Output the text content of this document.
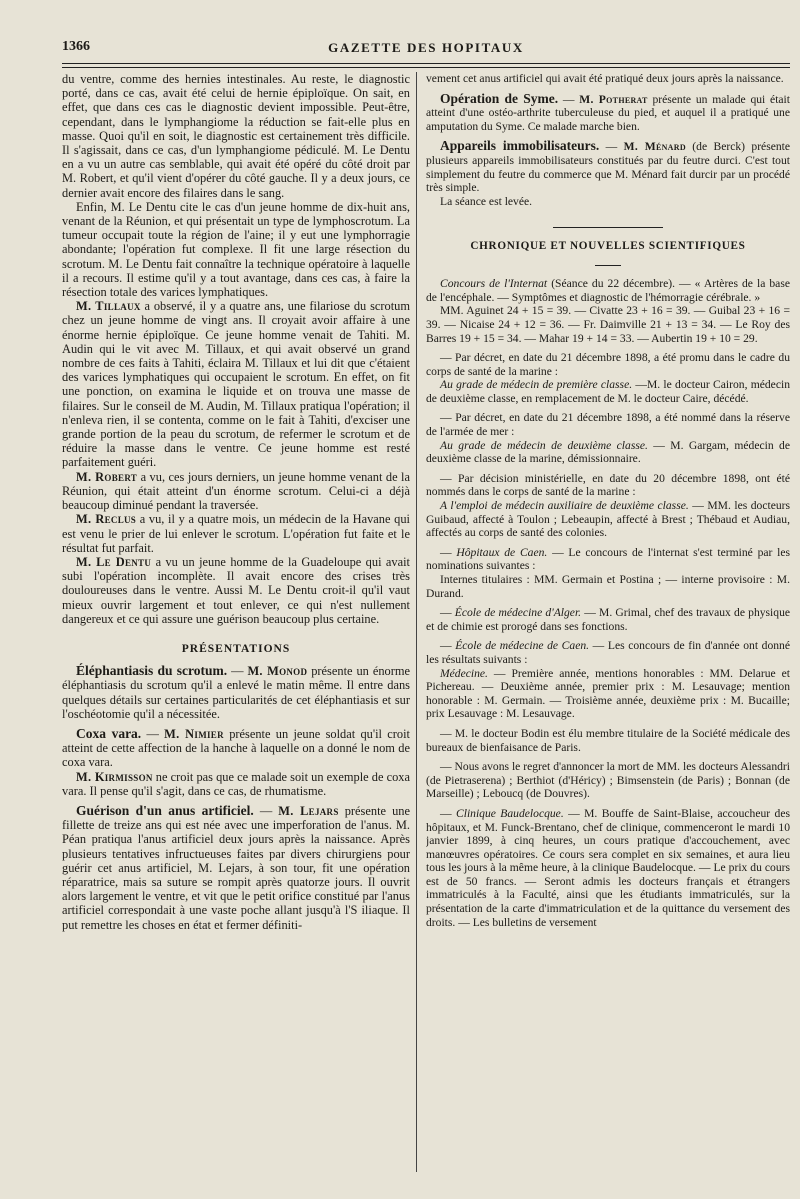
1366	GAZETTE DES HOPITAUX

du ventre, comme des hernies intestinales. Au reste, le diagnostic porté, dans ce cas, avait été celui de hernie épiploïque. On sait, en effet, que dans ces cas le diagnostic devient impossible. Peut-être, cependant, dans le lymphangiome la réduction se fait-elle plus en masse. Quoi qu'il en soit, le diagnostic est certainement très difficile. Il s'agissait, dans ce cas, d'un lymphangiome pédiculé. M. Le Dentu en a vu un autre cas semblable, qui avait été opéré du côté droit par M. Robert, et qu'il vient d'opérer du côté gauche. Il y a deux jours, ce dernier avait encore des filaires dans le sang.

Enfin, M. Le Dentu cite le cas d'un jeune homme de dix-huit ans, venant de la Réunion, et qui présentait un type de lymphoscrotum. La tumeur occupait toute la région de l'aine; il y eut une lymphorragie abondante; l'opération fut complexe. Il fit une large résection du scrotum. M. Le Dentu fait connaître la technique opératoire à laquelle il a recours. Il estime qu'il y a tout avantage, dans ces cas, à faire la résection totale des varices lymphatiques.

M. Tillaux a observé, il y a quatre ans, une filariose du scrotum chez un jeune homme de vingt ans. Il croyait avoir affaire à une énorme hernie épiploïque. Ce jeune homme venait de Tahiti. M. Audin qui le vit avec M. Tillaux, et qui avait observé un grand nombre de ces faits à Tahiti, éclaira M. Tillaux et lui dit que c'étaient des varices lymphatiques qui occupaient le scrotum. En effet, on fit une ponction, on examina le liquide et on trouva une masse de filaires. Sur le conseil de M. Audin, M. Tillaux pratiqua l'opération; il n'enleva rien, il se contenta, comme on le fait à Tahiti, d'exciser une grande portion de la peau du scrotum, de refermer le scrotum et de réduire la masse dans le ventre. Ce jeune homme est resté parfaitement guéri.

M. Robert a vu, ces jours derniers, un jeune homme venant de la Réunion, qui était atteint d'un énorme scrotum. Celui-ci a déjà beaucoup diminué pendant la traversée.

M. Reclus a vu, il y a quatre mois, un médecin de la Havane qui est venu le prier de lui enlever le scrotum. L'opération fut faite et le résultat fut parfait.

M. Le Dentu a vu un jeune homme de la Guadeloupe qui avait subi l'opération incomplète. Il avait encore des crises très douloureuses dans le ventre. Aussi M. Le Dentu croit-il qu'il vaut mieux ouvrir largement et tout enlever, ce qui n'est nullement dangereux et ce qui assure une guérison beaucoup plus certaine.

PRÉSENTATIONS

Éléphantiasis du scrotum. — M. Monod présente un énorme éléphantiasis du scrotum qu'il a enlevé le matin même. Il entre dans quelques détails sur certaines particularités de cet éléphantiasis et sur l'oschéotomie qu'il a nécessitée.

Coxa vara. — M. Nimier présente un jeune soldat qu'il croit atteint de cette affection de la hanche à laquelle on a donné le nom de coxa vara.

M. Kirmisson ne croit pas que ce malade soit un exemple de coxa vara. Il pense qu'il s'agit, dans ce cas, de rhumatisme.

Guérison d'un anus artificiel. — M. Lejars présente une fillette de treize ans qui est née avec une imperforation de l'anus. M. Péan pratiqua l'anus artificiel deux jours après la naissance. Après plusieurs tentatives infructueuses faites par divers chirurgiens pour guérir cet anus artificiel, M. Lejars, à son tour, fit une opération réparatrice, mais sa suture se rompit après quatorze jours. Il ouvrit alors largement le ventre, et vit que le petit orifice constitué par l'anus artificiel correspondait à une vaste poche allant jusqu'à l'S iliaque. Il put remettre les choses en état et fermer définiti-

vement cet anus artificiel qui avait été pratiqué deux jours après la naissance.

Opération de Syme. — M. Potherat présente un malade qui était atteint d'une ostéo-arthrite tuberculeuse du pied, et auquel il a pratiqué une amputation du Syme. Ce malade marche bien.

Appareils immobilisateurs. — M. Ménard (de Berck) présente plusieurs appareils immobilisateurs constitués par du feutre durci. C'est tout simplement du feutre du commerce que M. Ménard fait durcir par un procédé très simple.

La séance est levée.

CHRONIQUE ET NOUVELLES SCIENTIFIQUES

Concours de l'Internat (Séance du 22 décembre). — « Artères de la base de l'encéphale. — Symptômes et diagnostic de l'hémorragie cérébrale. »

MM. Aguinet 24 + 15 = 39. — Civatte 23 + 16 = 39. — Guibal 23 + 16 = 39. — Nicaise 24 + 12 = 36. — Fr. Daimville 21 + 13 = 34. — Le Roy des Barres 19 + 15 = 34. — Mahar 19 + 14 = 33. — Aubertin 19 + 10 = 29.

— Par décret, en date du 21 décembre 1898, a été promu dans le cadre du corps de santé de la marine :

Au grade de médecin de première classe. —M. le docteur Cairon, médecin de deuxième classe, en remplacement de M. le docteur Caire, décédé.

— Par décret, en date du 21 décembre 1898, a été nommé dans la réserve de l'armée de mer :

Au grade de médecin de deuxième classe. — M. Gargam, médecin de deuxième classe de la marine, démissionnaire.

— Par décision ministérielle, en date du 20 décembre 1898, ont été nommés dans le corps de santé de la marine :

A l'emploi de médecin auxiliaire de deuxième classe. — MM. les docteurs Guibaud, affecté à Toulon ; Lebeaupin, affecté à Brest ; Thébaud et Audiau, affectés au corps de santé des colonies.

— Hôpitaux de Caen. — Le concours de l'internat s'est terminé par les nominations suivantes :

Internes titulaires : MM. Germain et Postina ; — interne provisoire : M. Durand.

— École de médecine d'Alger. — M. Grimal, chef des travaux de physique et de chimie est prorogé dans ses fonctions.

— École de médecine de Caen. — Les concours de fin d'année ont donné les résultats suivants :

Médecine. — Première année, mentions honorables : MM. Delarue et Pichereau. — Deuxième année, premier prix : M. Lesauvage; mention honorable : M. Germain. — Troisième année, deuxième prix : M. Bucaille; prix Lesauvage : M. Lesauvage.

— M. le docteur Bodin est élu membre titulaire de la Société médicale des bureaux de bienfaisance de Paris.

— Nous avons le regret d'annoncer la mort de MM. les docteurs Alessandri (de Pietraserena) ; Berthiot (d'Héricy) ; Bimsenstein (de Paris) ; Bonnan (de Marseille) ; Leboucq (de Douvres).

— Clinique Baudelocque. — M. Bouffe de Saint-Blaise, accoucheur des hôpitaux, et M. Funck-Brentano, chef de clinique, commenceront le mardi 10 janvier 1899, à cinq heures, un cours pratique d'accouchement, avec manœuvres opératoires. Ce cours sera complet en six semaines, et aura lieu tous les jours à la même heure, à la clinique Baudelocque. — Le prix du cours est de 50 francs. — Seront admis les docteurs français et étrangers immatriculés à la Faculté, ainsi que les étudiants immatriculés, sur la présentation de la carte d'immatriculation et de la quittance du versement des droits. — Les bulletins de versement
